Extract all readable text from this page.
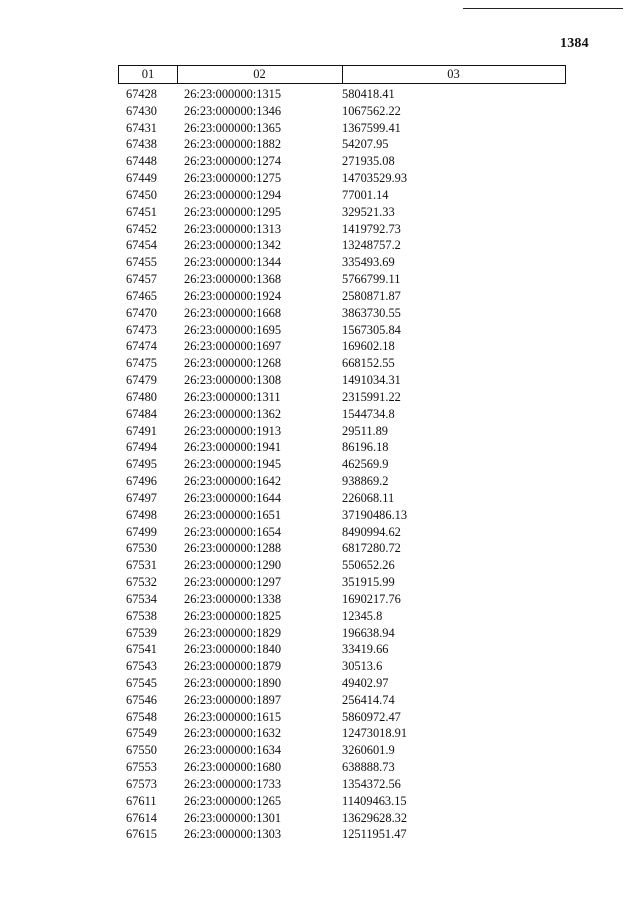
1384
01	02	03
67428	26:23:000000:1315	580418.41
67430	26:23:000000:1346	1067562.22
67431	26:23:000000:1365	1367599.41
67438	26:23:000000:1882	54207.95
67448	26:23:000000:1274	271935.08
67449	26:23:000000:1275	14703529.93
67450	26:23:000000:1294	77001.14
67451	26:23:000000:1295	329521.33
67452	26:23:000000:1313	1419792.73
67454	26:23:000000:1342	13248757.2
67455	26:23:000000:1344	335493.69
67457	26:23:000000:1368	5766799.11
67465	26:23:000000:1924	2580871.87
67470	26:23:000000:1668	3863730.55
67473	26:23:000000:1695	1567305.84
67474	26:23:000000:1697	169602.18
67475	26:23:000000:1268	668152.55
67479	26:23:000000:1308	1491034.31
67480	26:23:000000:1311	2315991.22
67484	26:23:000000:1362	1544734.8
67491	26:23:000000:1913	29511.89
67494	26:23:000000:1941	86196.18
67495	26:23:000000:1945	462569.9
67496	26:23:000000:1642	938869.2
67497	26:23:000000:1644	226068.11
67498	26:23:000000:1651	37190486.13
67499	26:23:000000:1654	8490994.62
67530	26:23:000000:1288	6817280.72
67531	26:23:000000:1290	550652.26
67532	26:23:000000:1297	351915.99
67534	26:23:000000:1338	1690217.76
67538	26:23:000000:1825	12345.8
67539	26:23:000000:1829	196638.94
67541	26:23:000000:1840	33419.66
67543	26:23:000000:1879	30513.6
67545	26:23:000000:1890	49402.97
67546	26:23:000000:1897	256414.74
67548	26:23:000000:1615	5860972.47
67549	26:23:000000:1632	12473018.91
67550	26:23:000000:1634	3260601.9
67553	26:23:000000:1680	638888.73
67573	26:23:000000:1733	1354372.56
67611	26:23:000000:1265	11409463.15
67614	26:23:000000:1301	13629628.32
67615	26:23:000000:1303	12511951.47
